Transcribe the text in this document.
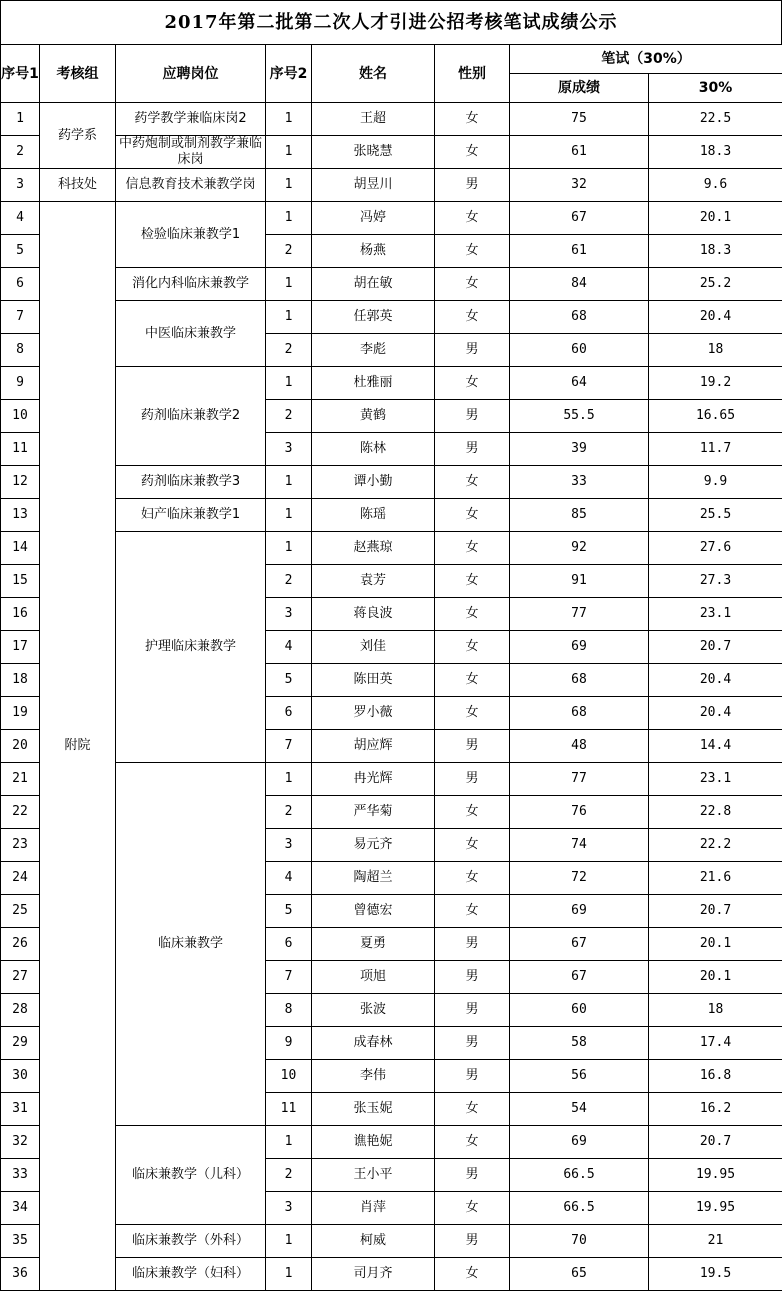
2017年第二批第二次人才引进公招考核笔试成绩公示
序号1	考核组	应聘岗位	序号2	姓名	性别	笔试（30%）	
						原成绩	30%
1	药学系	药学教学兼临床岗2	1	王超	女	75	22.5
2		中药炮制或制剂教学兼临床岗	1	张晓慧	女	61	18.3
3	科技处	信息教育技术兼教学岗	1	胡昱川	男	32	9.6
4	附院	检验临床兼教学1	1	冯婷	女	67	20.1
5			2	杨燕	女	61	18.3
6		消化内科临床兼教学	1	胡在敏	女	84	25.2
7		中医临床兼教学	1	任郭英	女	68	20.4
8			2	李彪	男	60	18
9		药剂临床兼教学2	1	杜雅丽	女	64	19.2
10			2	黄鹤	男	55.5	16.65
11			3	陈林	男	39	11.7
12		药剂临床兼教学3	1	谭小勤	女	33	9.9
13		妇产临床兼教学1	1	陈瑶	女	85	25.5
14		护理临床兼教学	1	赵燕琼	女	92	27.6
15			2	袁芳	女	91	27.3
16			3	蒋良波	女	77	23.1
17			4	刘佳	女	69	20.7
18			5	陈田英	女	68	20.4
19			6	罗小薇	女	68	20.4
20			7	胡应辉	男	48	14.4
21		临床兼教学	1	冉光辉	男	77	23.1
22			2	严华菊	女	76	22.8
23			3	易元齐	女	74	22.2
24			4	陶超兰	女	72	21.6
25			5	曾德宏	女	69	20.7
26			6	夏勇	男	67	20.1
27			7	项旭	男	67	20.1
28			8	张波	男	60	18
29			9	成春林	男	58	17.4
30			10	李伟	男	56	16.8
31			11	张玉妮	女	54	16.2
32		临床兼教学（儿科）	1	谯艳妮	女	69	20.7
33			2	王小平	男	66.5	19.95
34			3	肖萍	女	66.5	19.95
35		临床兼教学（外科）	1	柯威	男	70	21
36		临床兼教学（妇科）	1	司月齐	女	65	19.5
